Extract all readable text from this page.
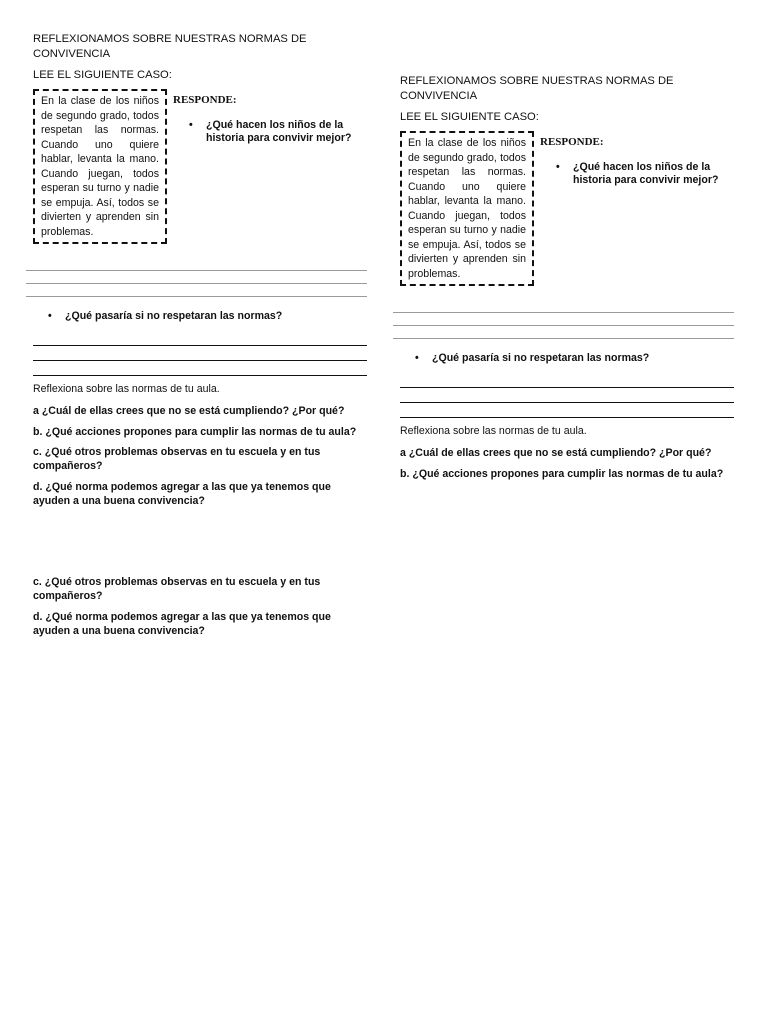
REFLEXIONAMOS SOBRE NUESTRAS NORMAS DE CONVIVENCIA
LEE EL SIGUIENTE CASO:
En la clase de los niños de segundo grado, todos respetan las normas. Cuando uno quiere hablar, levanta la mano. Cuando juegan, todos esperan su turno y nadie se empuja. Así, todos se divierten y aprenden sin problemas.
RESPONDE:
•	¿Qué hacen los niños de la historia para convivir mejor?
•	¿Qué pasaría si no respetaran las normas?
Reflexiona sobre las normas de tu aula.
a ¿Cuál de ellas crees que no se está cumpliendo? ¿Por qué?
b. ¿Qué acciones propones para cumplir las normas de tu aula?
c. ¿Qué otros problemas observas en tu escuela y en tus compañeros?
d. ¿Qué norma podemos agregar a las que ya tenemos que ayuden a una buena convivencia?
c. ¿Qué otros problemas observas en tu escuela y en tus compañeros?
d. ¿Qué norma podemos agregar a las que ya tenemos que ayuden a una buena convivencia?
REFLEXIONAMOS SOBRE NUESTRAS NORMAS DE CONVIVENCIA
LEE EL SIGUIENTE CASO:
En la clase de los niños de segundo grado, todos respetan las normas. Cuando uno quiere hablar, levanta la mano. Cuando juegan, todos esperan su turno y nadie se empuja. Así, todos se divierten y aprenden sin problemas.
RESPONDE:
•	¿Qué hacen los niños de la historia para convivir mejor?
•	¿Qué pasaría si no respetaran las normas?
Reflexiona sobre las normas de tu aula.
a ¿Cuál de ellas crees que no se está cumpliendo? ¿Por qué?
b. ¿Qué acciones propones para cumplir las normas de tu aula?
